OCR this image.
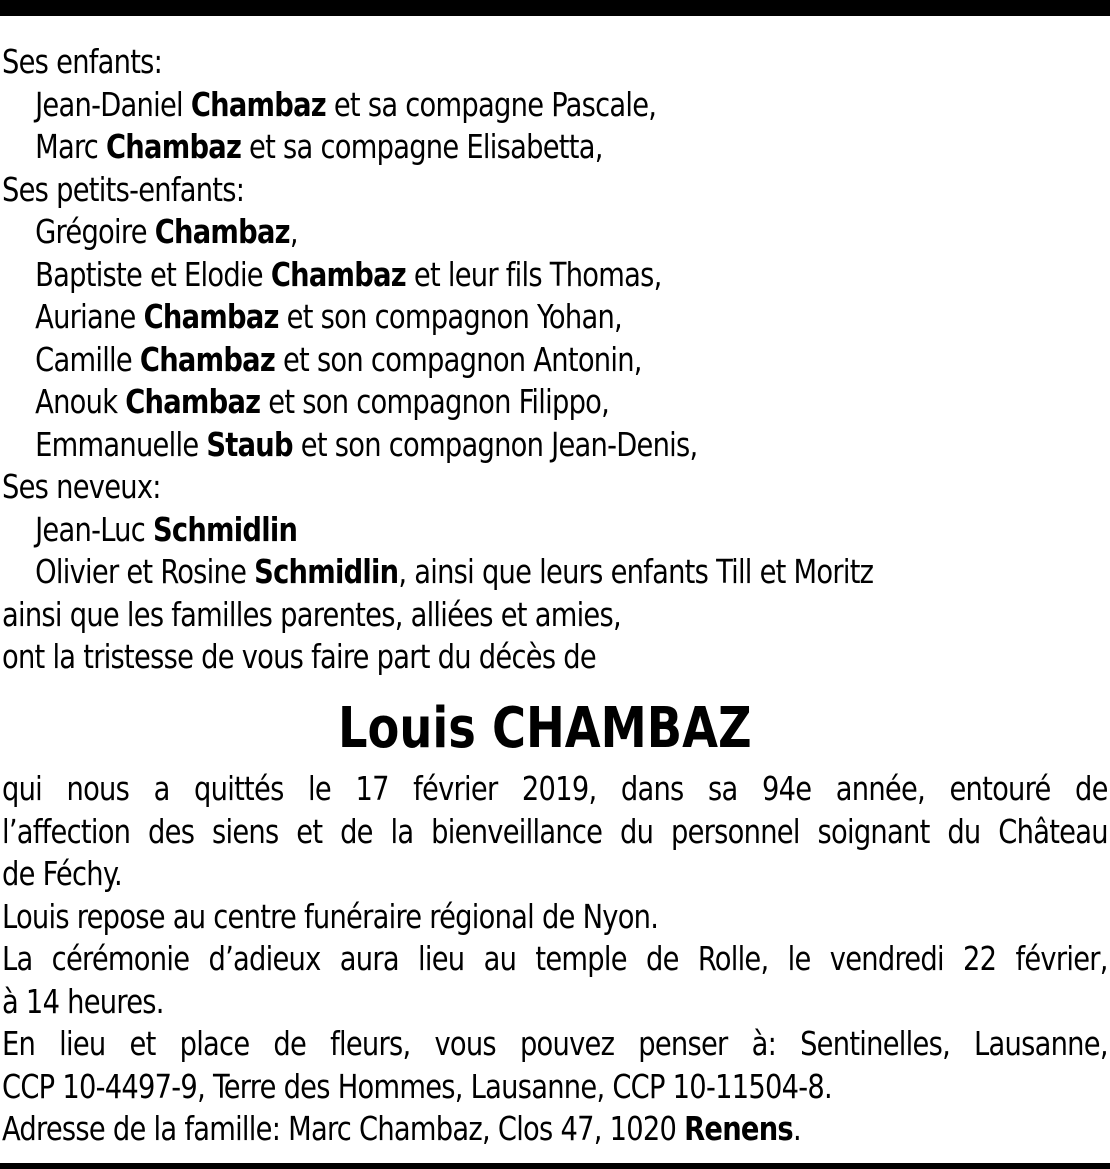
Ses enfants:
Jean-Daniel Chambaz et sa compagne Pascale,
Marc Chambaz et sa compagne Elisabetta,
Ses petits-enfants:
Grégoire Chambaz,
Baptiste et Elodie Chambaz et leur fils Thomas,
Auriane Chambaz et son compagnon Yohan,
Camille Chambaz et son compagnon Antonin,
Anouk Chambaz et son compagnon Filippo,
Emmanuelle Staub et son compagnon Jean-Denis,
Ses neveux:
Jean-Luc Schmidlin
Olivier et Rosine Schmidlin, ainsi que leurs enfants Till et Moritz
ainsi que les familles parentes, alliées et amies,
ont la tristesse de vous faire part du décès de
Louis CHAMBAZ
qui nous a quittés le 17 février 2019, dans sa 94e année, entouré de
l’affection des siens et de la bienveillance du personnel soignant du Château
de Féchy.
Louis repose au centre funéraire régional de Nyon.
La cérémonie d’adieux aura lieu au temple de Rolle, le vendredi 22 février,
à 14 heures.
En lieu et place de fleurs, vous pouvez penser à: Sentinelles, Lausanne,
CCP 10-4497-9, Terre des Hommes, Lausanne, CCP 10-11504-8.
Adresse de la famille: Marc Chambaz, Clos 47, 1020 Renens.
